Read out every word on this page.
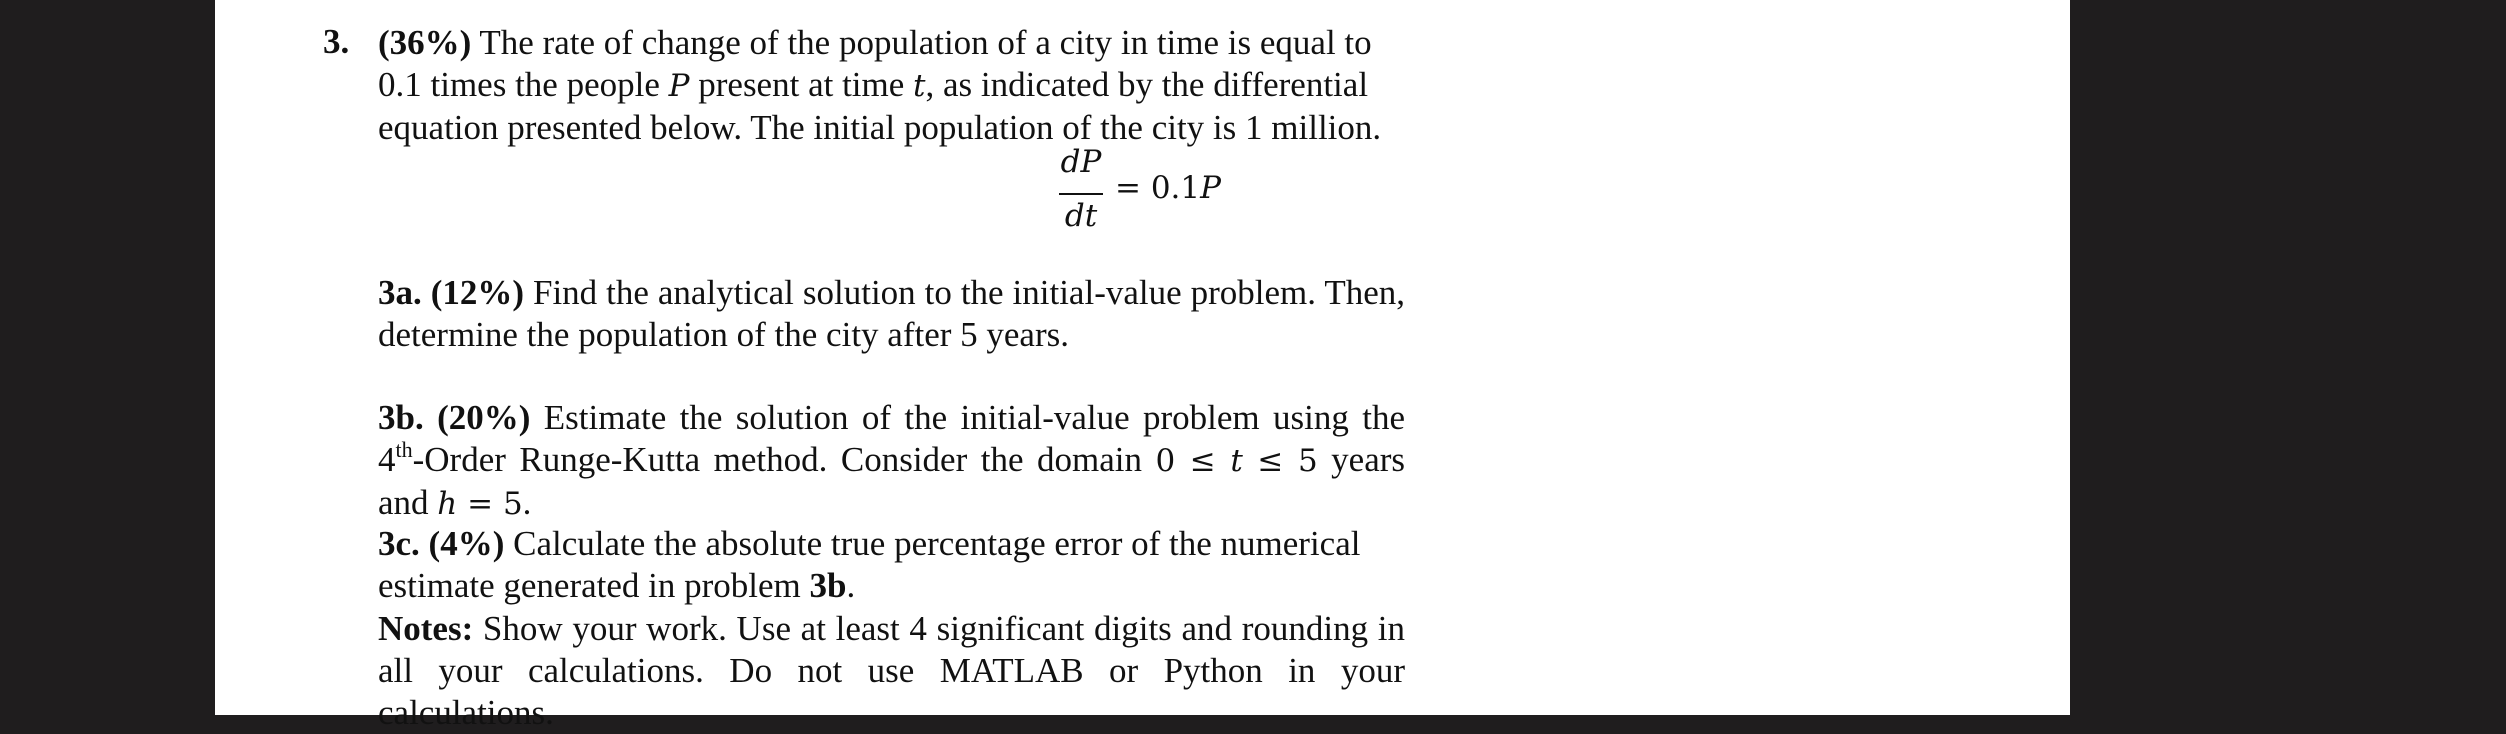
3. (36%) The rate of change of the population of a city in time is equal to 0.1 times the people P present at time t, as indicated by the differential equation presented below. The initial population of the city is 1 million.
dP
dt
= 0.1P
3a. (12%) Find the analytical solution to the initial-value problem. Then, determine the population of the city after 5 years.
3b. (20%) Estimate the solution of the initial-value problem using the 4th-Order Runge-Kutta method. Consider the domain 0 ≤ t ≤ 5 years and h = 5.
3c. (4%) Calculate the absolute true percentage error of the numerical estimate generated in problem 3b.
Notes: Show your work. Use at least 4 significant digits and rounding in all your calculations. Do not use MATLAB or Python in your calculations.
